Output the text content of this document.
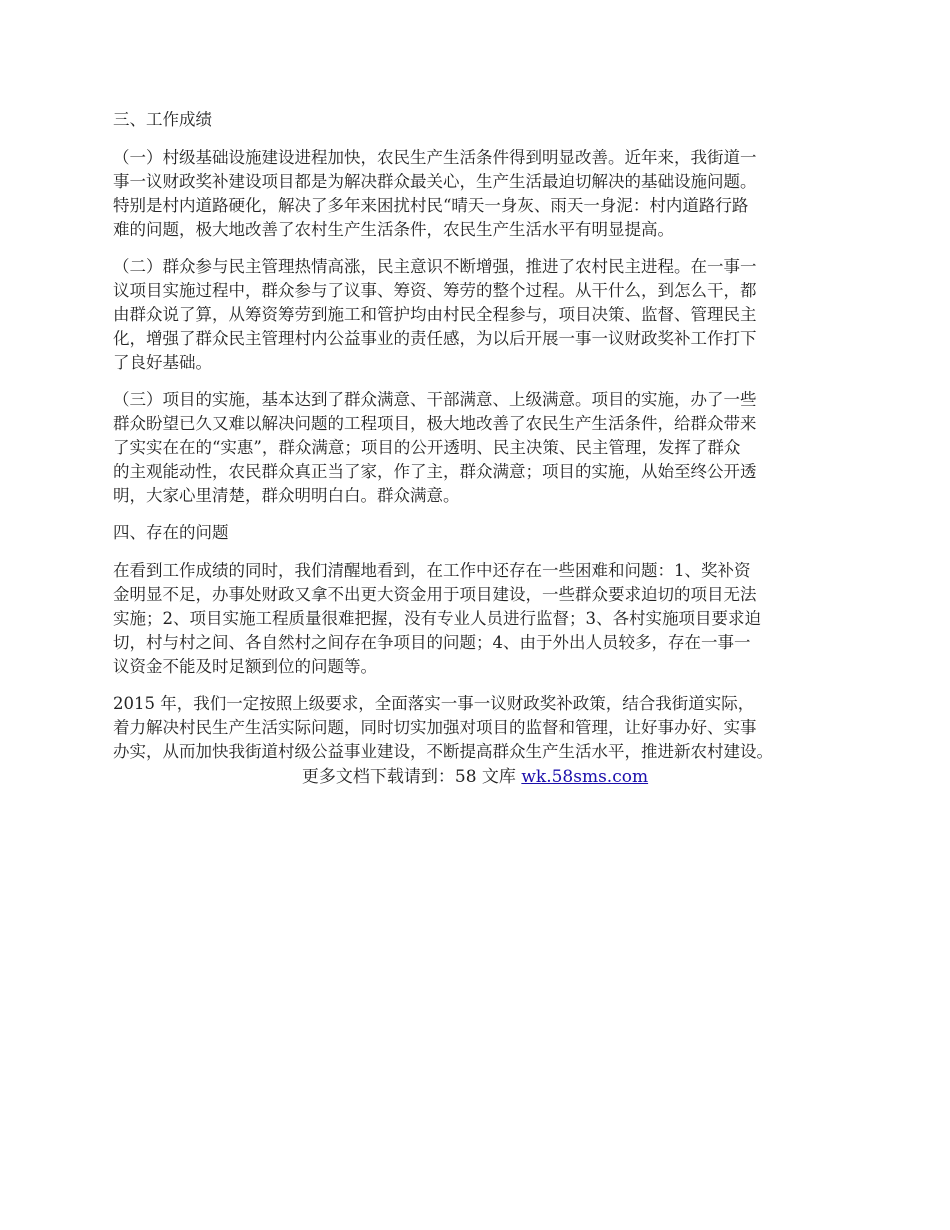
三、工作成绩
（一）村级基础设施建设进程加快，农民生产生活条件得到明显改善。近年来，我街道一
事一议财政奖补建设项目都是为解决群众最关心，生产生活最迫切解决的基础设施问题。
特别是村内道路硬化，解决了多年来困扰村民“晴天一身灰、雨天一身泥：村内道路行路
难的问题，极大地改善了农村生产生活条件，农民生产生活水平有明显提高。
（二）群众参与民主管理热情高涨，民主意识不断增强，推进了农村民主进程。在一事一
议项目实施过程中，群众参与了议事、筹资、筹劳的整个过程。从干什么，到怎么干，都
由群众说了算，从筹资筹劳到施工和管护均由村民全程参与，项目决策、监督、管理民主
化，增强了群众民主管理村内公益事业的责任感，为以后开展一事一议财政奖补工作打下
了良好基础。
（三）项目的实施，基本达到了群众满意、干部满意、上级满意。项目的实施，办了一些
群众盼望已久又难以解决问题的工程项目，极大地改善了农民生产生活条件，给群众带来
了实实在在的“实惠”，群众满意；项目的公开透明、民主决策、民主管理，发挥了群众
的主观能动性，农民群众真正当了家，作了主，群众满意；项目的实施，从始至终公开透
明，大家心里清楚，群众明明白白。群众满意。
四、存在的问题
在看到工作成绩的同时，我们清醒地看到，在工作中还存在一些困难和问题：1、奖补资
金明显不足，办事处财政又拿不出更大资金用于项目建设，一些群众要求迫切的项目无法
实施；2、项目实施工程质量很难把握，没有专业人员进行监督；3、各村实施项目要求迫
切，村与村之间、各自然村之间存在争项目的问题；4、由于外出人员较多，存在一事一
议资金不能及时足额到位的问题等。
2015 年，我们一定按照上级要求，全面落实一事一议财政奖补政策，结合我街道实际，
着力解决村民生产生活实际问题，同时切实加强对项目的监督和管理，让好事办好、实事
办实，从而加快我街道村级公益事业建设，不断提高群众生产生活水平，推进新农村建设。
更多文档下载请到：58 文库 wk.58sms.com
